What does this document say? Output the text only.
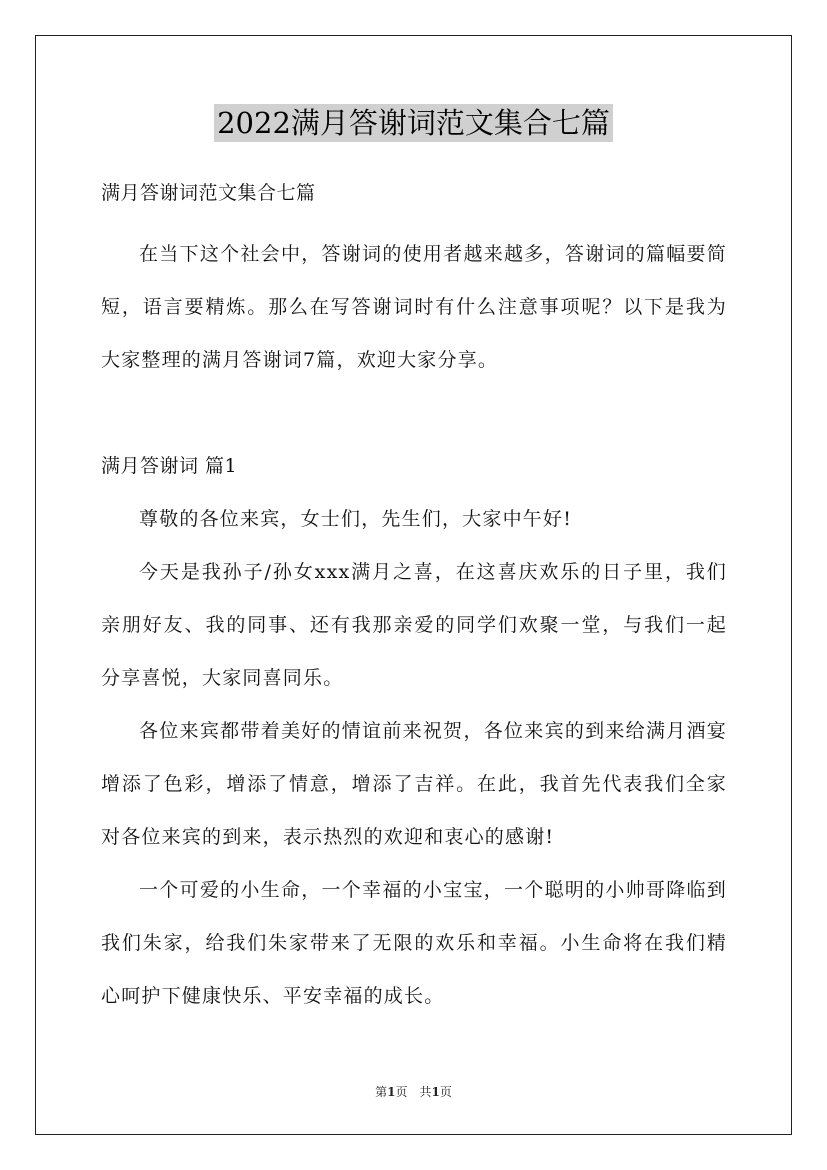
2022满月答谢词范文集合七篇
满月答谢词范文集合七篇

在当下这个社会中，答谢词的使用者越来越多，答谢词的篇幅要简短，语言要精炼。那么在写答谢词时有什么注意事项呢？以下是我为大家整理的满月答谢词7篇，欢迎大家分享。

满月答谢词 篇1

尊敬的各位来宾，女士们，先生们，大家中午好!

今天是我孙子/孙女xxx满月之喜，在这喜庆欢乐的日子里，我们亲朋好友、我的同事、还有我那亲爱的同学们欢聚一堂，与我们一起分享喜悦，大家同喜同乐。

各位来宾都带着美好的情谊前来祝贺，各位来宾的到来给满月酒宴增添了色彩，增添了情意，增添了吉祥。在此，我首先代表我们全家对各位来宾的到来，表示热烈的欢迎和衷心的感谢!

一个可爱的小生命，一个幸福的小宝宝，一个聪明的小帅哥降临到我们朱家，给我们朱家带来了无限的欢乐和幸福。小生命将在我们精心呵护下健康快乐、平安幸福的成长。

第1页　共1页
